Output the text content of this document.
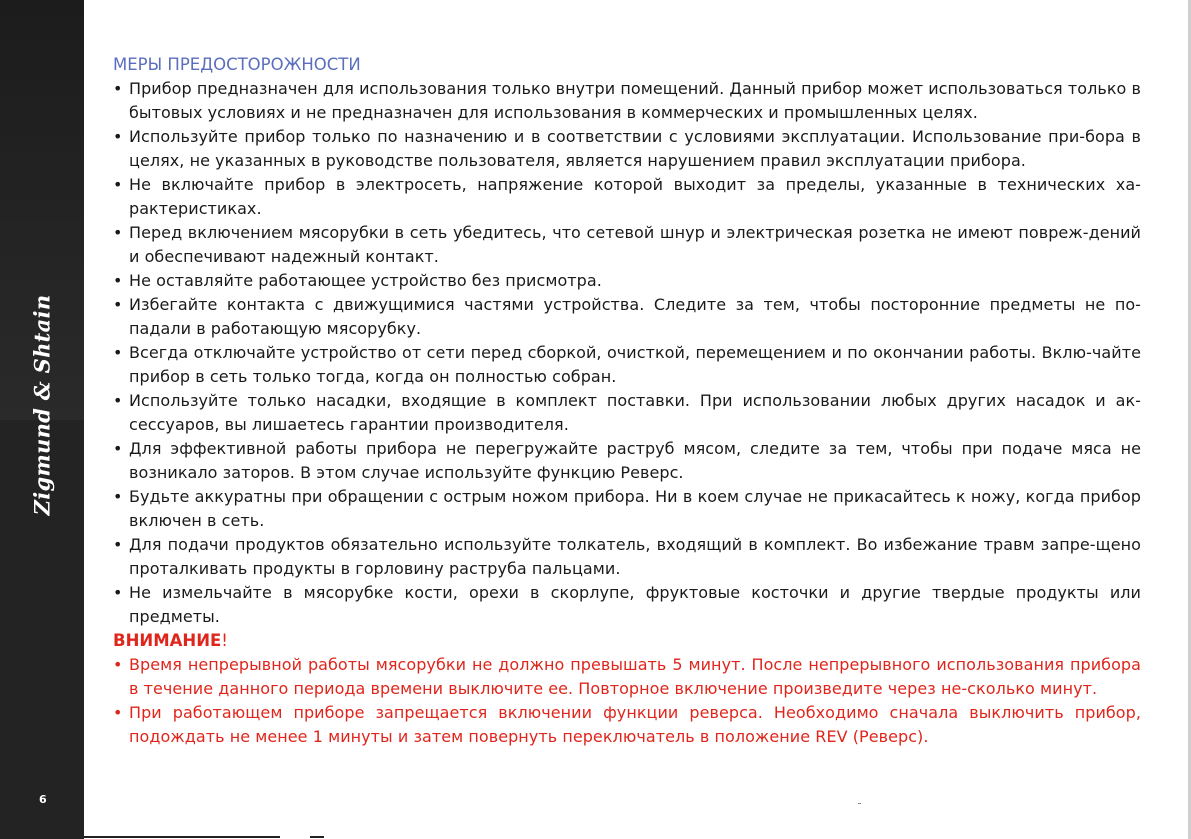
Zigmund & Shtain
6
МЕРЫ ПРЕДОСТОРОЖНОСТИ
• Прибор предназначен для использования только внутри помещений. Данный прибор может использоваться только в бытовых условиях и не предназначен для использования в коммерческих и промышленных целях.
• Используйте прибор только по назначению и в соответствии с условиями эксплуатации. Использование при-бора в целях, не указанных в руководстве пользователя, является нарушением правил эксплуатации прибора.
• Не включайте прибор в электросеть, напряжение которой выходит за пределы, указанные в технических ха-рактеристиках.
• Перед включением мясорубки в сеть убедитесь, что сетевой шнур и электрическая розетка не имеют повреж-дений и обеспечивают надежный контакт.
• Не оставляйте работающее устройство без присмотра.
• Избегайте контакта с движущимися частями устройства. Следите за тем, чтобы посторонние предметы не по-падали в работающую мясорубку.
• Всегда отключайте устройство от сети перед сборкой, очисткой, перемещением и по окончании работы. Вклю-чайте прибор в сеть только тогда, когда он полностью собран.
• Используйте только насадки, входящие в комплект поставки. При использовании любых других насадок и ак-сессуаров, вы лишаетесь гарантии производителя.
• Для эффективной работы прибора не перегружайте раструб мясом, следите за тем, чтобы при подаче мяса не возникало заторов. В этом случае используйте функцию Реверс.
• Будьте аккуратны при обращении с острым ножом прибора. Ни в коем случае не прикасайтесь к ножу, когда прибор включен в сеть.
• Для подачи продуктов обязательно используйте толкатель, входящий в комплект. Во избежание травм запре-щено проталкивать продукты в горловину раструба пальцами.
• Не измельчайте в мясорубке кости, орехи в скорлупе, фруктовые косточки и другие твердые продукты или предметы.
ВНИМАНИЕ!
• Время непрерывной работы мясорубки не должно превышать 5 минут. После непрерывного использования прибора в течение данного периода времени выключите ее. Повторное включение произведите через не-сколько минут.
• При работающем приборе запрещается включении функции реверса. Необходимо сначала выключить прибор, подождать не менее 1 минуты и затем повернуть переключатель в положение REV (Реверс).
